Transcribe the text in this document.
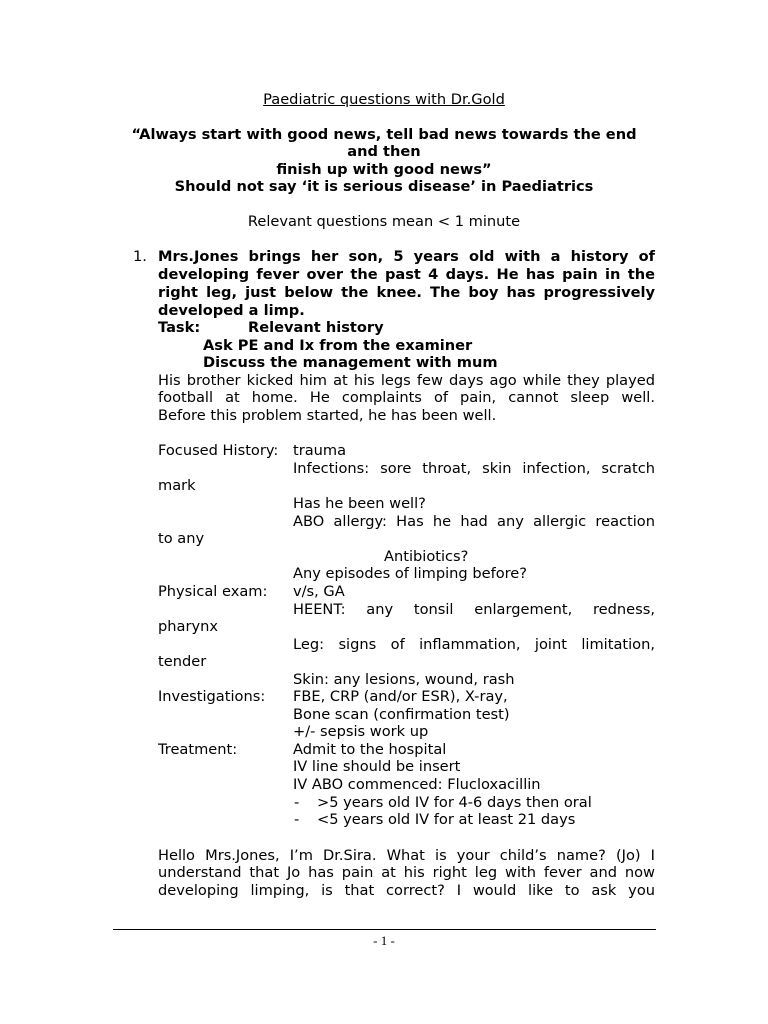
Paediatric questions with Dr.Gold
“Always start with good news, tell bad news towards the end
and then
finish up with good news”
Should not say ‘it is serious disease’ in Paediatrics
Relevant questions mean < 1 minute
1. Mrs.Jones brings her son, 5 years old with a history of
developing fever over the past 4 days. He has pain in the
right leg, just below the knee. The boy has progressively
developed a limp.
Task:	Relevant history
Ask PE and Ix from the examiner
Discuss the management with mum
His brother kicked him at his legs few days ago while they played
football at home. He complaints of pain, cannot sleep well.
Before this problem started, he has been well.
Focused History: trauma
Infections: sore throat, skin infection, scratch
mark
Has he been well?
ABO allergy: Has he had any allergic reaction
to any
Antibiotics?
Any episodes of limping before?
Physical exam: v/s, GA
HEENT: any tonsil enlargement, redness,
pharynx
Leg: signs of inflammation, joint limitation,
tender
Skin: any lesions, wound, rash
Investigations: FBE, CRP (and/or ESR), X-ray,
Bone scan (confirmation test)
+/- sepsis work up
Treatment:	Admit to the hospital
IV line should be insert
IV ABO commenced: Flucloxacillin
- >5 years old IV for 4-6 days then oral
- <5 years old IV for at least 21 days
Hello Mrs.Jones, I’m Dr.Sira. What is your child’s name? (Jo) I
understand that Jo has pain at his right leg with fever and now
developing limping, is that correct? I would like to ask you
- 1 -
